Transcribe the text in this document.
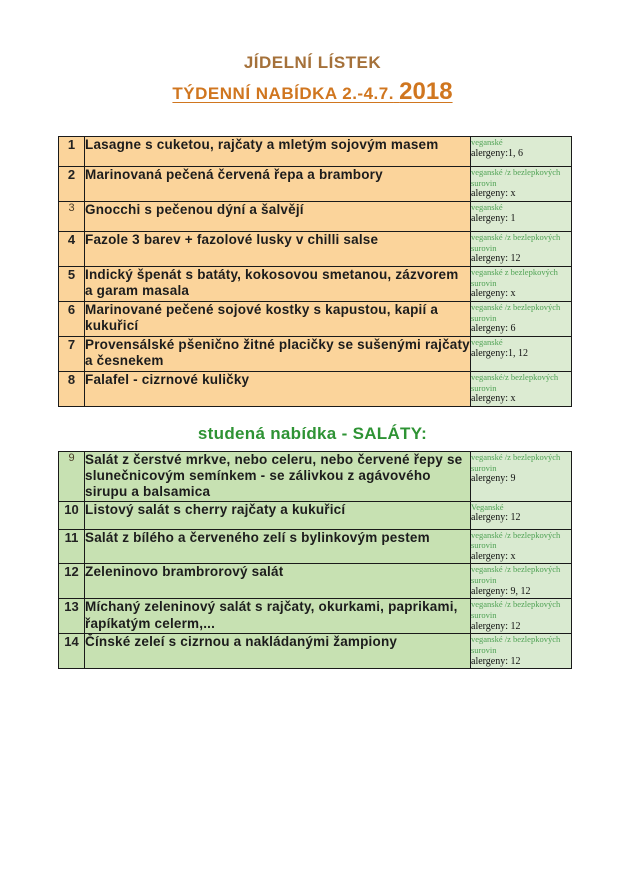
JÍDELNÍ LÍSTEK
TÝDENNÍ NABÍDKA 2.-4.7. 2018
1	Lasagne s cuketou, rajčaty a mletým sojovým masem	veganské
alergeny:1, 6

2	Marinovaná pečená červená řepa a brambory	veganské /z bezlepkových surovin
alergeny: x

3	Gnocchi s pečenou dýní a šalvějí	veganské
alergeny: 1

4	Fazole 3 barev + fazolové lusky v chilli salse	veganské /z bezlepkových surovin
alergeny: 12

5	Indický špenát s batáty, kokosovou smetanou, zázvorem a garam masala	veganské z bezlepkových surovin
alergeny: x

6	Marinované pečené sojové kostky s kapustou, kapií a kukuřicí	veganské /z bezlepkových surovin
alergeny: 6

7	Provensálské pšenično žitné placičky se sušenými rajčaty a česnekem	veganské
alergeny:1, 12

8	Falafel - cizrnové kuličky	veganské/z bezlepkových surovin
alergeny: x
studená nabídka - SALÁTY:
9	Salát z čerstvé mrkve, nebo celeru, nebo červené řepy se slunečnicovým semínkem - se zálivkou z agávového sirupu a balsamica	veganské /z bezlepkových surovin
alergeny: 9

10	Listový salát s cherry rajčaty a kukuřicí	Veganské
alergeny: 12

11	Salát z bílého a červeného zelí s bylinkovým pestem	veganské /z bezlepkových surovin
alergeny: x

12	Zeleninovo brambrorový salát	veganské /z bezlepkových surovin
alergeny: 9, 12

13	Míchaný zeleninový salát s rajčaty, okurkami, paprikami, řapíkatým celerm,...	veganské /z bezlepkových surovin
alergeny: 12

14	Čínské zeleí s cizrnou a nakládanými žampiony	veganské /z bezlepkových surovin
alergeny: 12
